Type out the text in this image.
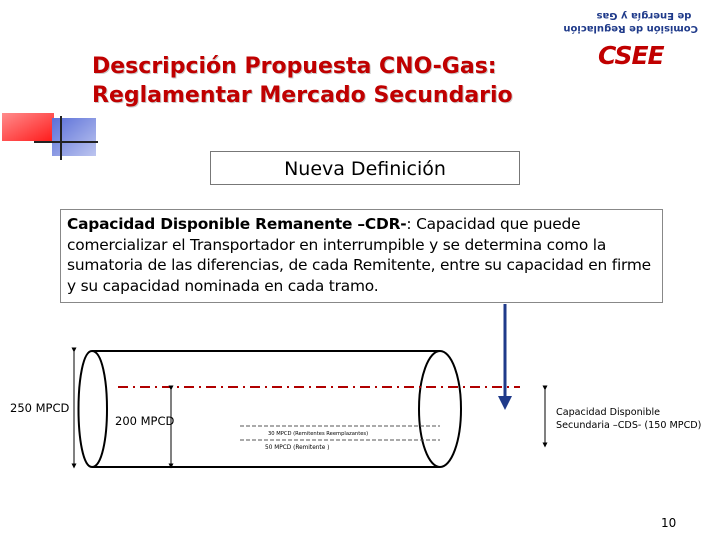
de Energía y Gas
Comisión de Regulación
CSEE
Descripción Propuesta CNO-Gas:
Reglamentar Mercado Secundario
Nueva Definición
Capacidad Disponible Remanente –CDR-: Capacidad que puede comercializar el Transportador en interrumpible y se determina como la sumatoria de las diferencias, de cada Remitente, entre su capacidad en firme y su capacidad nominada en cada tramo.
250 MPCD
200 MPCD
Capacidad Disponible Secundaria –CDS- (150 MPCD)
30 MPCD (Remitentes Reemplazantes)
50 MPCD (Remitente )
10
